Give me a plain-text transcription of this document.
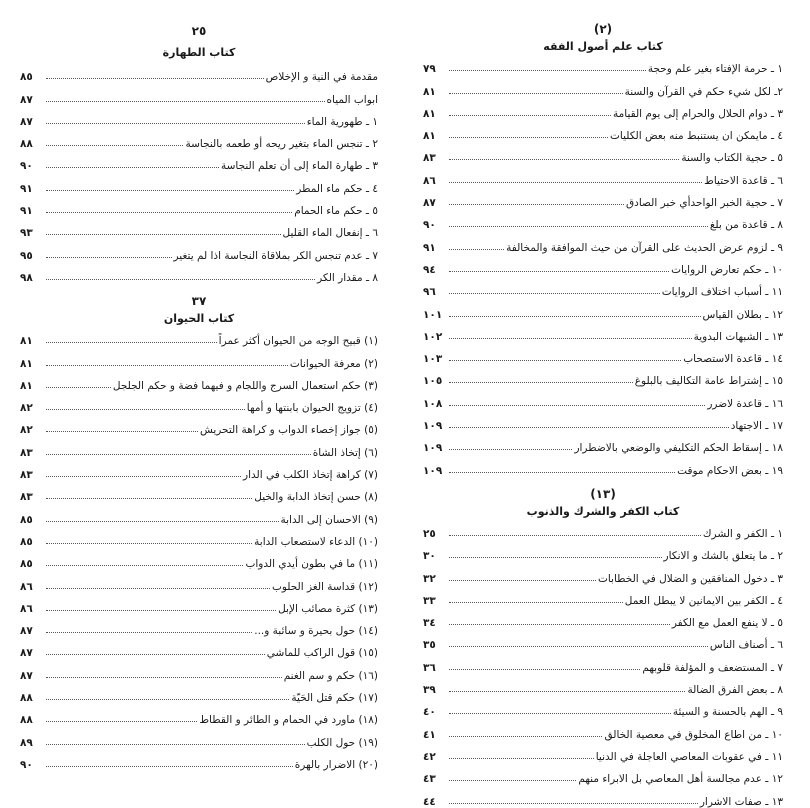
(٢)
كتاب علم أصول الفقه
١ ـ حرمة الإفتاء بغير علم وحجة
٧٩
٢ـ لكل شيء حكم في القرآن والسنة
٨١
٣ ـ دوام الحلال والحرام إلى يوم القيامة
٨١
٤ ـ مايمكن ان يستنبط منه بعض الكليات
٨١
٥ ـ حجية الكتاب والسنة
٨٣
٦ ـ قاعدة الاحتياط
٨٦
٧ ـ حجية الخبر الواحدأي خبر الصادق
٨٧
٨ ـ قاعدة من بلغ
٩٠
٩ ـ لزوم عرض الحديث على القرآن من حيث الموافقة والمخالفة
٩١
١٠ ـ حكم تعارض الروايات
٩٤
١١ ـ أسباب اختلاف الروايات
٩٦
١٢ ـ بطلان القياس
١٠١
١٣ ـ الشبهات البدوية
١٠٢
١٤ ـ قاعدة الاستصحاب
١٠٣
١٥ ـ إشتراط عامة التكاليف بالبلوغ
١٠٥
١٦ ـ قاعدة لاضرر
١٠٨
١٧ ـ الاجتهاد
١٠٩
١٨ ـ إسقاط الحكم التكليفي والوضعي بالاضطرار
١٠٩
١٩ ـ بعض الاحكام موقت
١٠٩
(١٣)
كتاب الكفر والشرك والذنوب
١ ـ الكفر و الشرك
٢٥
٢ ـ ما يتعلق بالشك و الانكار
٣٠
٣ ـ دخول المنافقين و الضلال في الخطابات
٣٢
٤ ـ الكفر بين الايمانين لا يبطل العمل
٣٣
٥ ـ لا ينفع العمل مع الكفر
٣٤
٦ ـ أصناف الناس
٣٥
٧ ـ المستضعف و المؤلفة قلوبهم
٣٦
٨ ـ بعض الفرق الضالة
٣٩
٩ ـ الهم بالحسنة و السيئة
٤٠
١٠ ـ من اطاع المخلوق في معصية الخالق
٤١
١١ ـ في عقوبات المعاصي العاجلة في الدنيا
٤٢
١٢ ـ عدم مجالسة أهل المعاصي بل الابراء منهم
٤٣
١٣ ـ صفات الاشرار
٤٤
٢٥
كتاب الطهارة
مقدمة في النية و الإخلاص
٨٥
ابواب المياه
٨٧
١ ـ طهورية الماء
٨٧
٢ ـ تنجس الماء بتغير ريحه أو طعمه بالنجاسة
٨٨
٣ ـ طهارة الماء إلى أن تعلم النجاسة
٩٠
٤ ـ حكم ماء المطر
٩١
٥ ـ حكم ماء الحمام
٩١
٦ ـ إنفعال الماء القليل
٩٣
٧ ـ عدم تنجس الكر بملاقاة النجاسة اذا لم يتغير
٩٥
٨ ـ مقدار الكر
٩٨
٣٧
كتاب الحيوان
(١) قبيح الوجه من الحيوان أكثر عمراً
٨١
(٢) معرفة الحيوانات
٨١
(٣) حكم استعمال السرج واللجام و فيهما فضة و حكم الجلجل
٨١
(٤) تزويج الحيوان بابنتها و أمها
٨٢
(٥) جواز إخصاء الدواب و كراهة التحريش
٨٢
(٦) إتخاذ الشاة
٨٣
(٧) كراهة إتخاذ الكلب في الدار
٨٣
(٨) حسن إتخاذ الدابة والخيل
٨٣
(٩) الاحسان إلى الدابة
٨٥
(١٠) الدعاء لاستصعاب الدابة
٨٥
(١١) ما في بطون أيدي الدواب
٨٥
(١٢) قداسة الغز الحلوب
٨٦
(١٣) كثرة مصائب الإبل
٨٦
(١٤) حول بحيرة و سائبة و...
٨٧
(١٥) قول الراكب للماشي
٨٧
(١٦) حكم و سم الغنم
٨٧
(١٧) حكم قتل الحَيّة
٨٨
(١٨) ماورد في الحمام و الطائر و القطاط
٨٨
(١٩) حول الكلب
٨٩
(٢٠) الاضرار بالهرة
٩٠
